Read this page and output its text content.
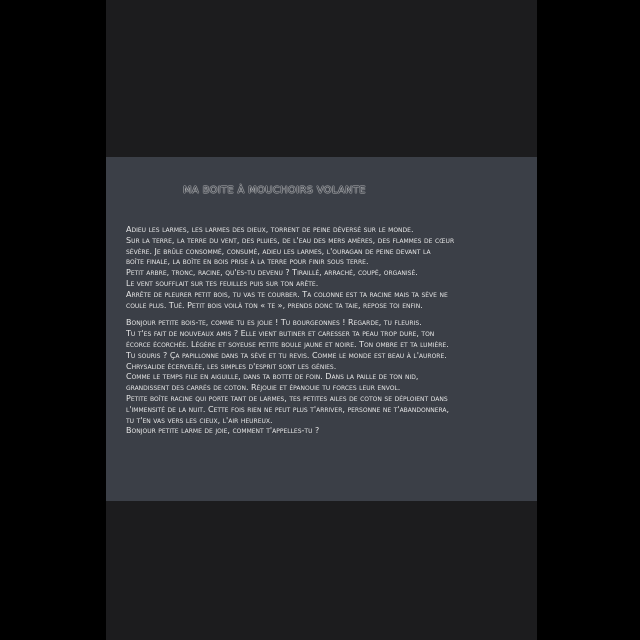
MA BOITE À MOUCHOIRS VOLANTE
Adieu les larmes, les larmes des dieux, torrent de peine déversé sur le monde.
Sur la terre, la terre du vent, des pluies, de l'eau des mers amères, des flammes de cœur
sévère. Je brûle consommé, consumé, adieu les larmes, l'ouragan de peine devant la
boîte finale, la boîte en bois prise à la terre pour finir sous terre.
Petit arbre, tronc, racine, qu'es-tu devenu ? Tiraillé, arraché, coupé, organisé.
Le vent soufflait sur tes feuilles puis sur ton arête.
Arrête de pleurer petit bois, tu vas te courber. Ta colonne est ta racine mais ta sève ne
coule plus. Tué. Petit bois voilà ton « te », prends donc ta taie, repose toi enfin.
Bonjour petite bois-te, comme tu es jolie ! Tu bourgeonnes ! Regarde, tu fleuris.
Tu t'es fait de nouveaux amis ? Elle vient butiner et caresser ta peau trop dure, ton
écorce écorchée. Légère et soyeuse petite boule jaune et noire. Ton ombre et ta lumière.
Tu souris ? Ça papillonne dans ta sève et tu revis. Comme le monde est beau à l'aurore.
Chrysalide écervelée, les simples d'esprit sont les génies.
Comme le temps file en aiguille, dans ta botte de foin. Dans la paille de ton nid,
grandissent des carrés de coton. Réjouie et épanouie tu forces leur envol.
Petite boîte racine qui porte tant de larmes, tes petites ailes de coton se déploient dans
l'immensité de la nuit. Cette fois rien ne peut plus t'arriver, personne ne t'abandonnera,
tu t'en vas vers les cieux, l'air heureux.
Bonjour petite larme de joie, comment t'appelles-tu ?
